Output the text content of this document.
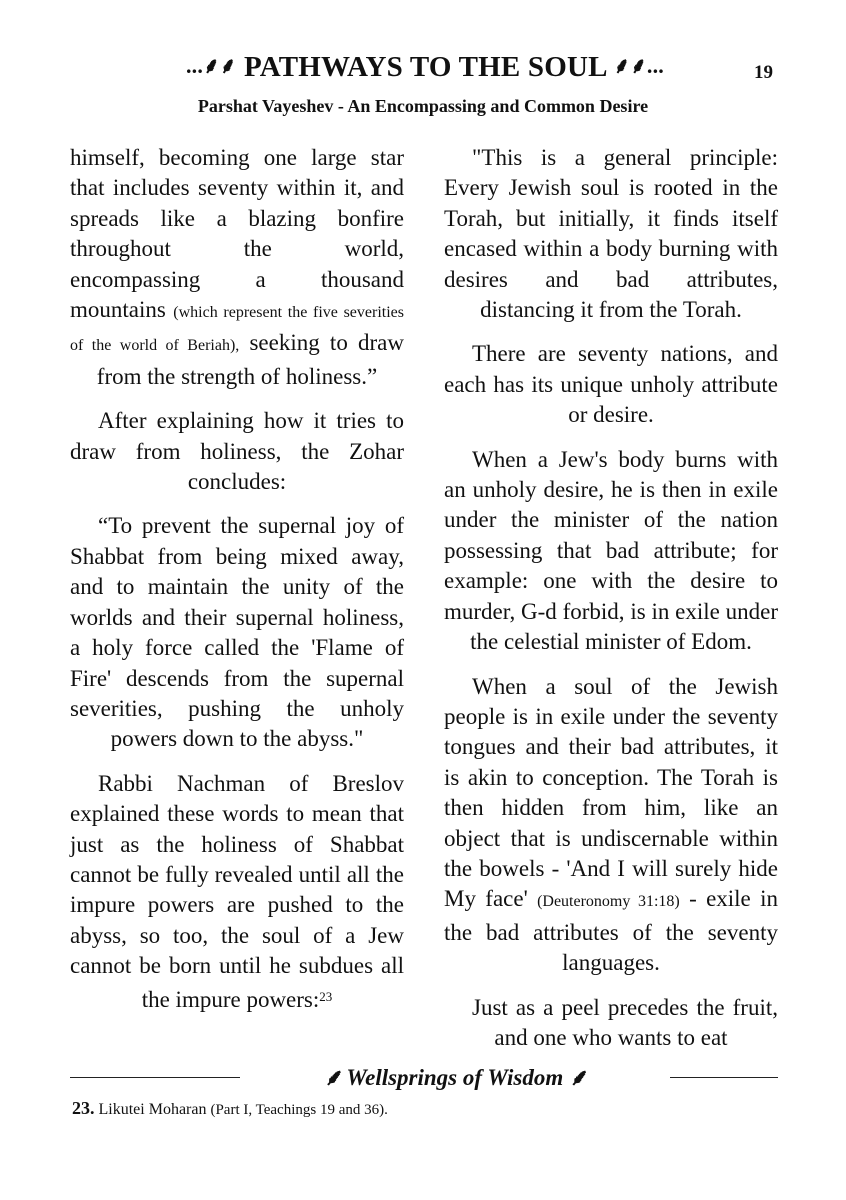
...⸙⸙ PATHWAYS TO THE SOUL ⸙⸙...	19
Parshat Vayeshev - An Encompassing and Common Desire

himself, becoming one large star that includes seventy within it, and spreads like a blazing bonfire throughout the world, encompassing a thousand mountains (which represent the five severities of the world of Beriah), seeking to draw from the strength of holiness.”

After explaining how it tries to draw from holiness, the Zohar concludes:

“To prevent the supernal joy of Shabbat from being mixed away, and to maintain the unity of the worlds and their supernal holiness, a holy force called the 'Flame of Fire' descends from the supernal severities, pushing the unholy powers down to the abyss."

Rabbi Nachman of Breslov explained these words to mean that just as the holiness of Shabbat cannot be fully revealed until all the impure powers are pushed to the abyss, so too, the soul of a Jew cannot be born until he subdues all the impure powers:$^{23}$

"This is a general principle: Every Jewish soul is rooted in the Torah, but initially, it finds itself encased within a body burning with desires and bad attributes, distancing it from the Torah.

There are seventy nations, and each has its unique unholy attribute or desire.

When a Jew's body burns with an unholy desire, he is then in exile under the minister of the nation possessing that bad attribute; for example: one with the desire to murder, G-d forbid, is in exile under the celestial minister of Edom.

When a soul of the Jewish people is in exile under the seventy tongues and their bad attributes, it is akin to conception. The Torah is then hidden from him, like an object that is undiscernable within the bowels - 'And I will surely hide My face' (Deuteronomy 31:18) - exile in the bad attributes of the seventy languages.

Just as a peel precedes the fruit, and one who wants to eat

⸙ Wellsprings of Wisdom ⸙
23. Likutei Moharan (Part I, Teachings 19 and 36).
